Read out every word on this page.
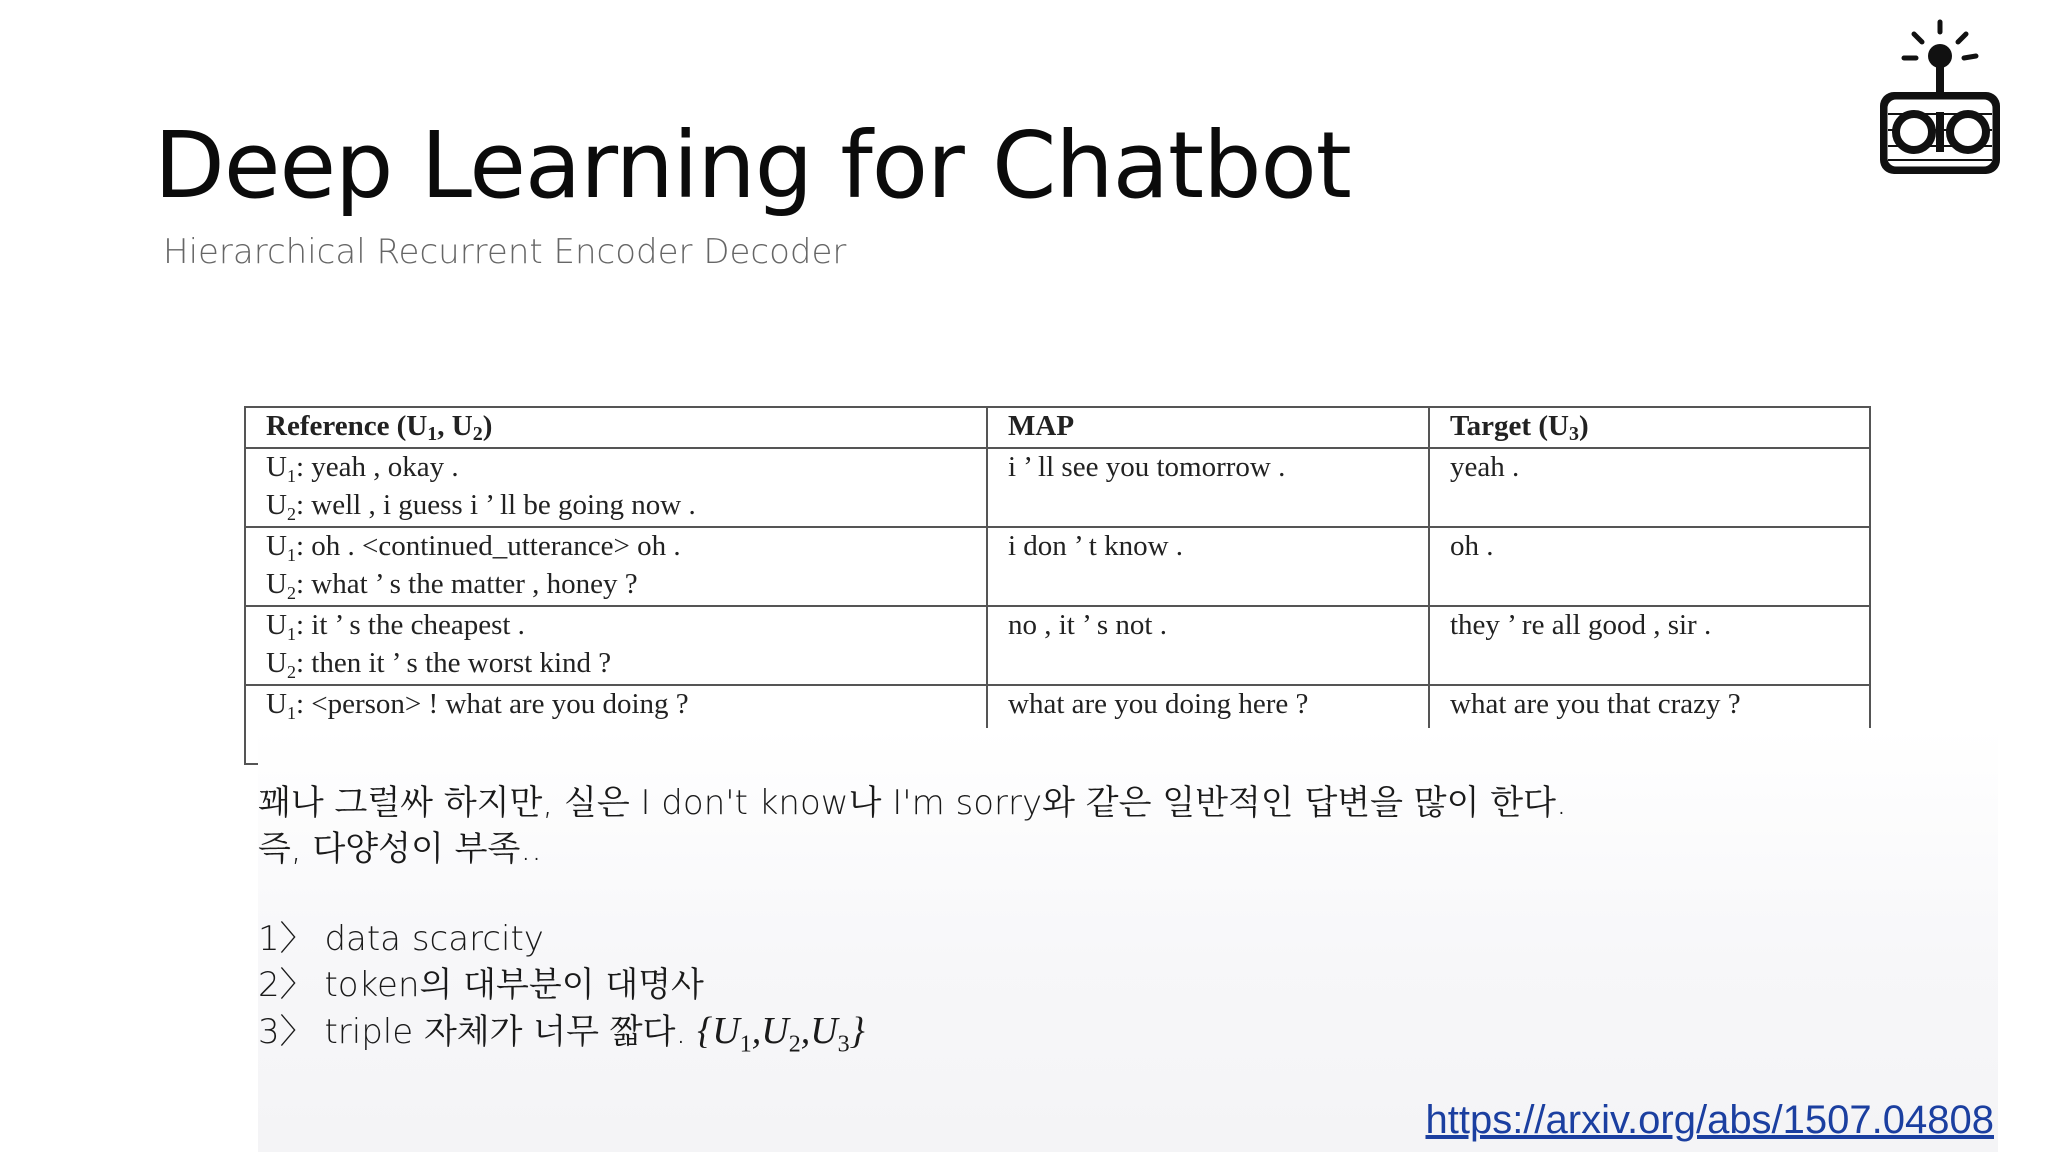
Deep Learning for Chatbot
Hierarchical Recurrent Encoder Decoder
Reference (U1, U2)	MAP	Target (U3)

$U_1$: yeah , okay .
$U_2$: well , i guess i ’ ll be going now .	i ’ ll see you tomorrow .	yeah .

$U_1$: oh . <continued_utterance> oh .
$U_2$: what ’ s the matter , honey ?	i don ’ t know .	oh .

$U_1$: it ’ s the cheapest .
$U_2$: then it ’ s the worst kind ?	no , it ’ s not .	they ’ re all good , sir .

$U_1$: <person> ! what are you doing ?	what are you doing here ?	what are you that crazy ?
꽤나 그럴싸 하지만, 실은 I don't know나 I'm sorry와 같은 일반적인 답변을 많이 한다.
즉, 다양성이 부족..
1〉 data scarcity
2〉 token의 대부분이 대명사
3〉 triple 자체가 너무 짧다. $\{U_1,U_2,U_3\}$
https://arxiv.org/abs/1507.04808
